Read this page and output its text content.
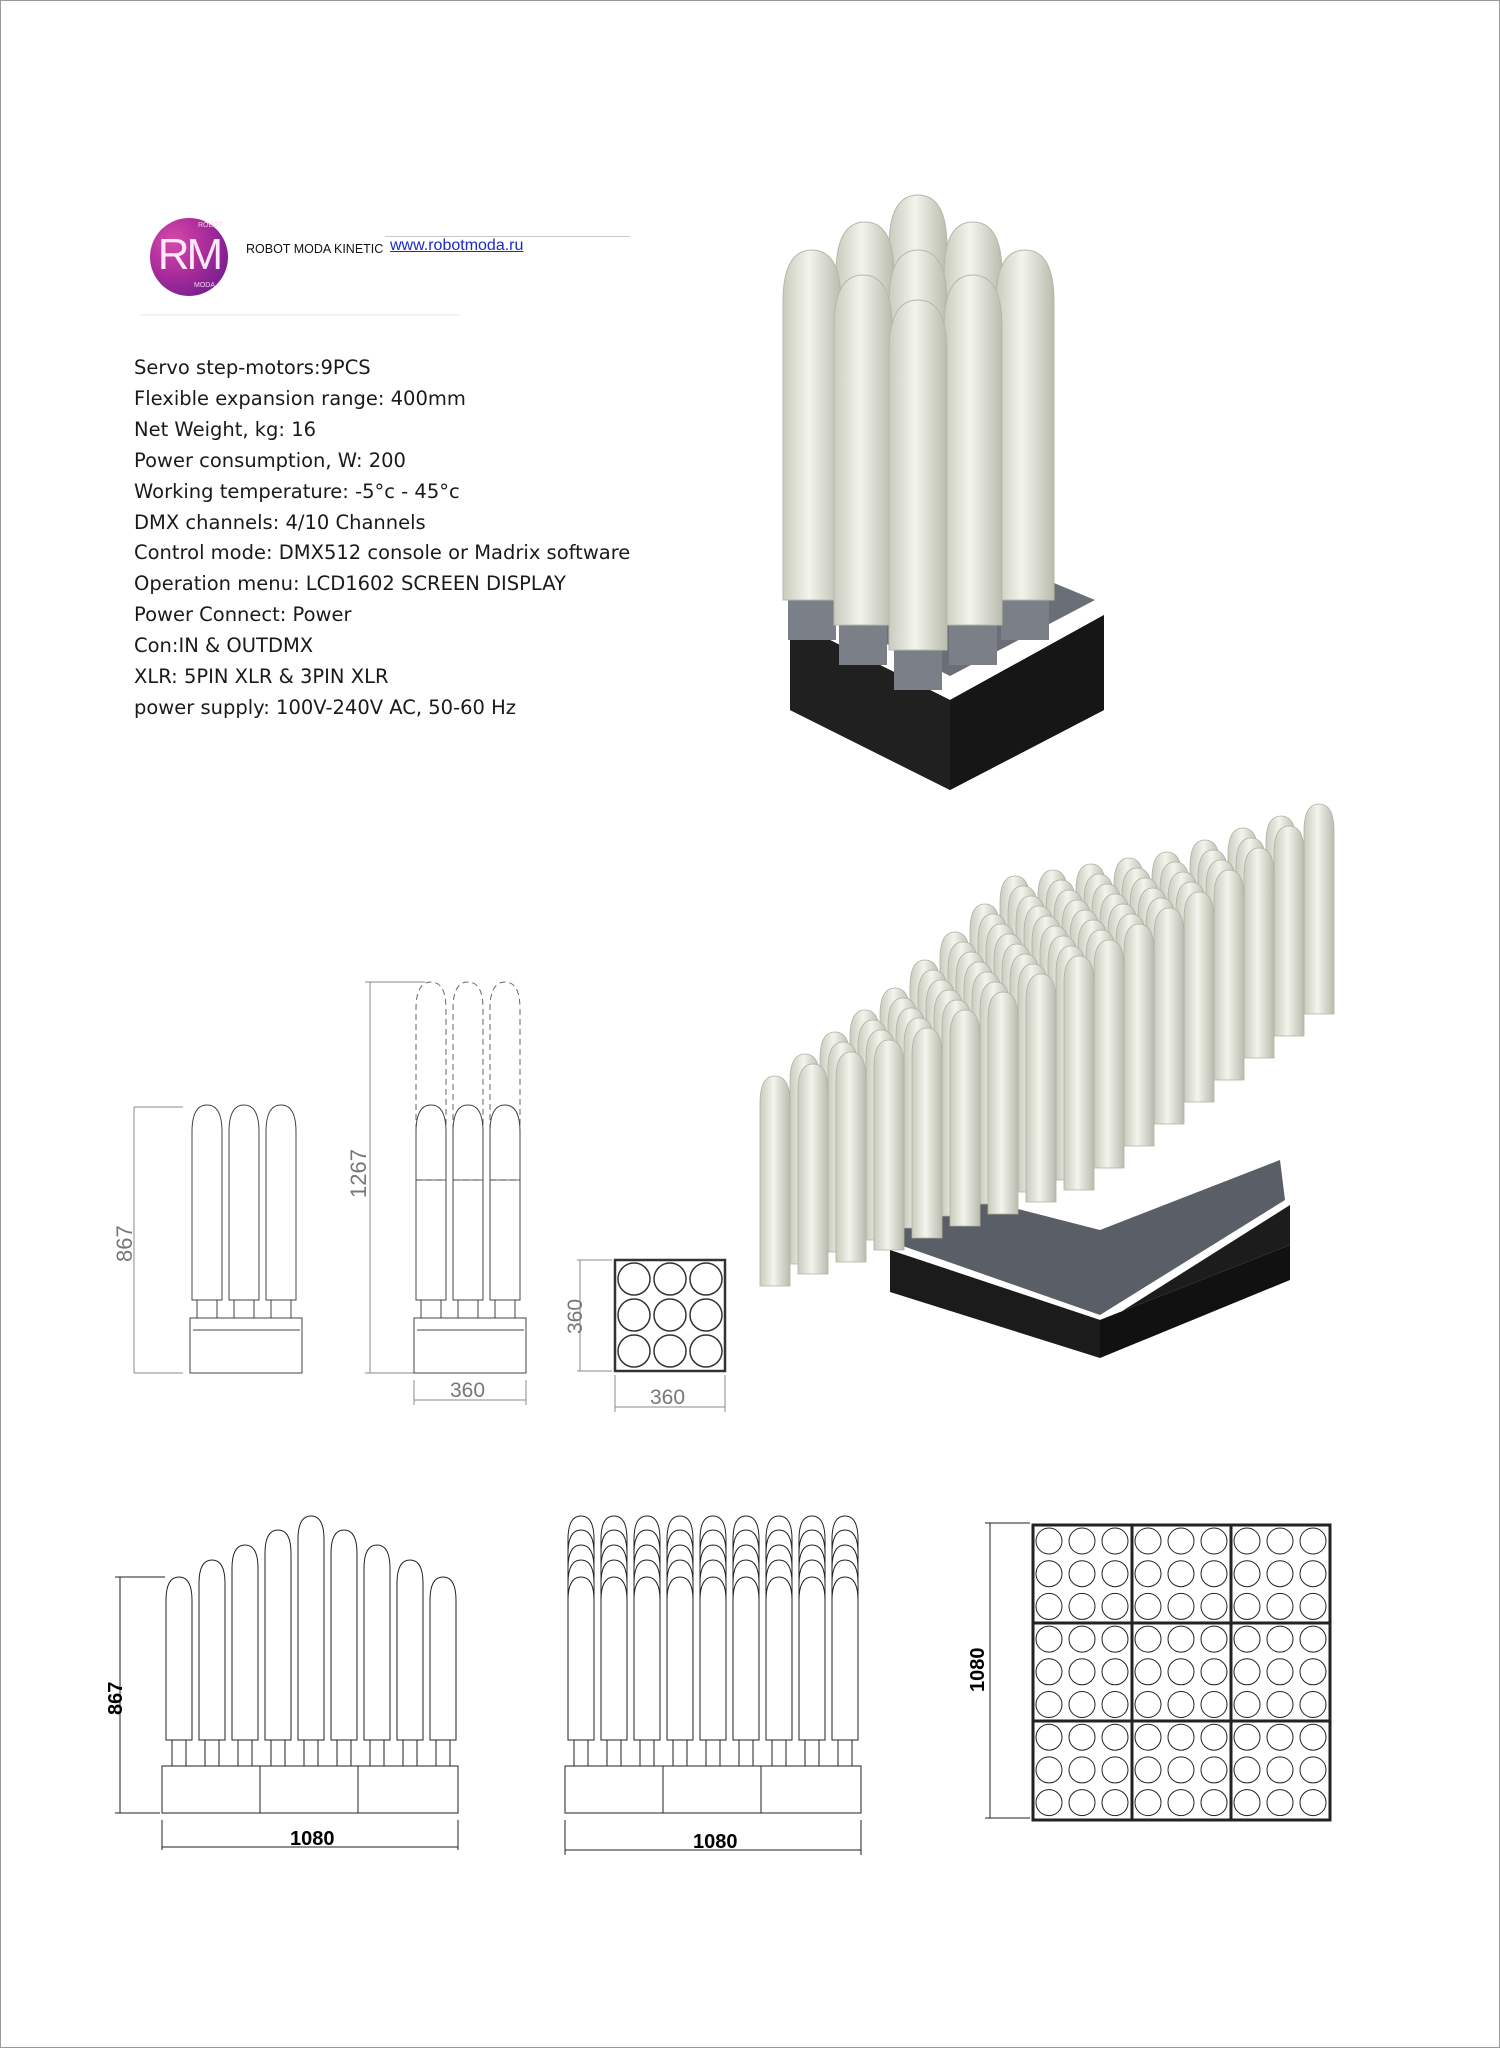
ROBOT
RM
MODA
ROBOT MODA KINETIC www.robotmoda.ru
Servo step-motors:9PCS
Flexible expansion range: 400mm
Net Weight, kg: 16
Power consumption, W: 200
Working temperature: -5°c - 45°c
DMX channels: 4/10 Channels
Control mode: DMX512 console or Madrix software
Operation menu: LCD1602 SCREEN DISPLAY
Power Connect: Power
Con:IN & OUTDMX
XLR: 5PIN XLR & 3PIN XLR
power supply: 100V-240V AC, 50-60 Hz
867
1267
360
360
360
867
1080	1080
1080
